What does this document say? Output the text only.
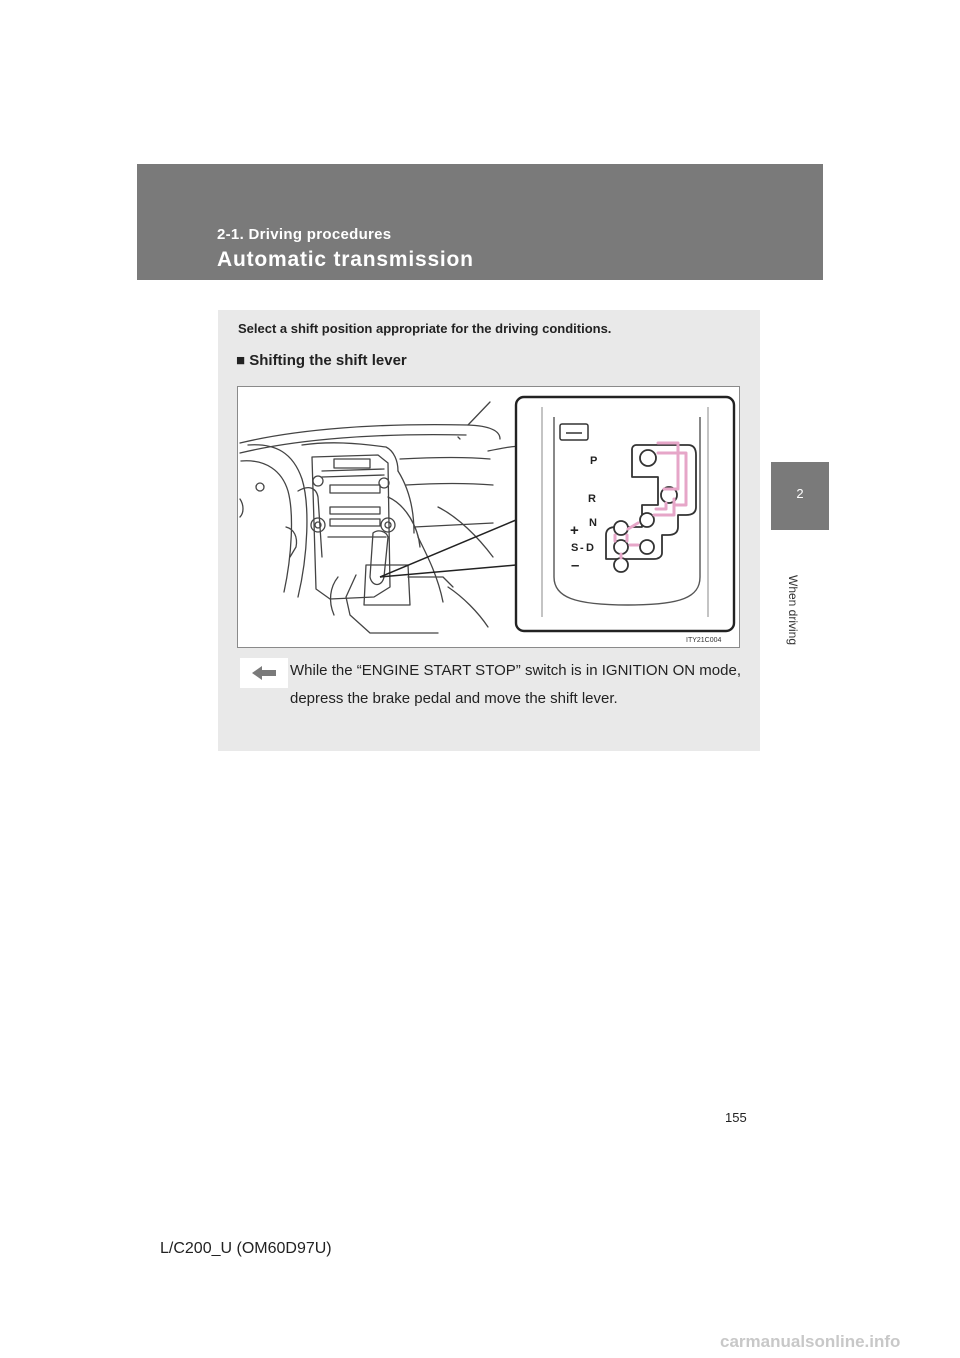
2-1. Driving procedures
Automatic transmission
2
When driving
Select a shift position appropriate for the driving conditions.
■ Shifting the shift lever
P
R
N
+
S - D
–
ITY21C004
While the “ENGINE START STOP” switch is in IGNITION ON mode, depress the brake pedal and move the shift lever.
155
L/C200_U (OM60D97U)
carmanualsonline.info
